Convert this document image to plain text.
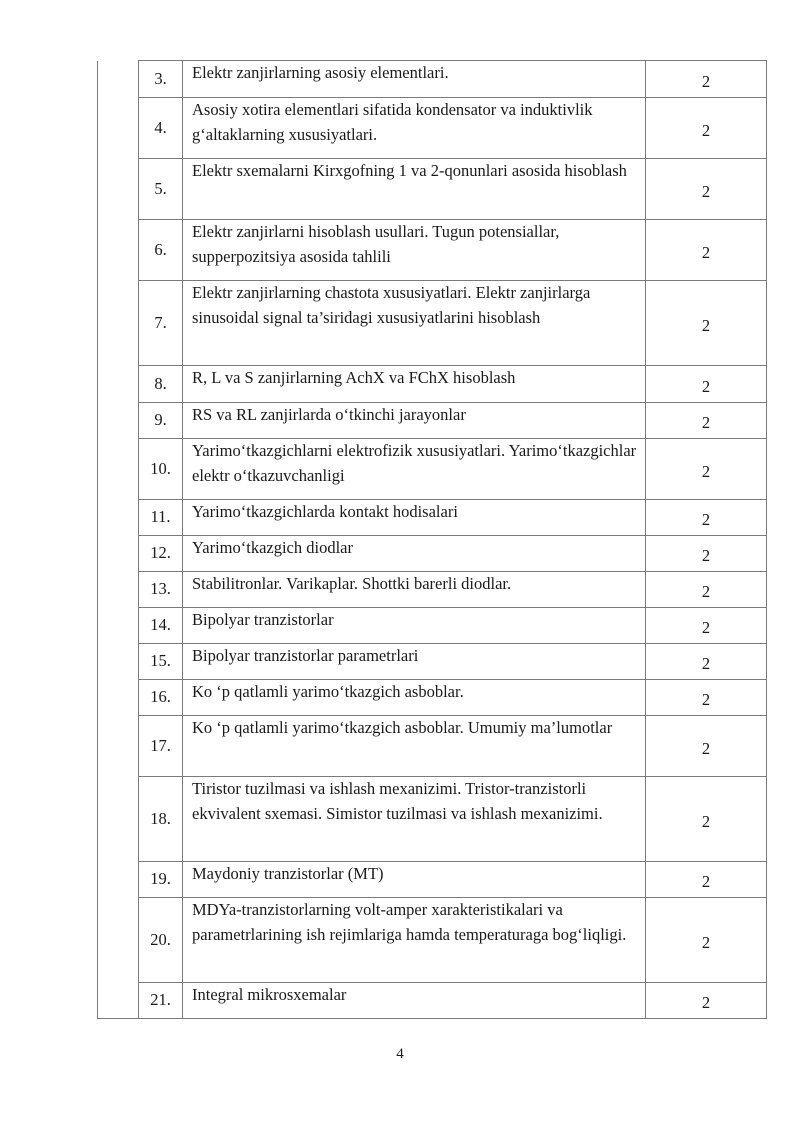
	3.	Elektr zanjirlarning asosiy elementlari.	2
	4.	Asosiy xotira elementlari sifatida kondensator va induktivlik g‘altaklarning xususiyatlari.	2
	5.	Elektr sxemalarni Kirxgofning 1 va 2-qonunlari asosida hisoblash	2
	6.	Elektr zanjirlarni hisoblash usullari. Tugun potensiallar, supperpozitsiya asosida tahlili	2
	7.	Elektr zanjirlarning chastota xususiyatlari. Elektr zanjirlarga sinusoidal signal ta’siridagi xususiyatlarini hisoblash	2
	8.	R, L va S zanjirlarning AchX va FChX hisoblash	2
	9.	RS va RL zanjirlarda o‘tkinchi jarayonlar	2
	10.	Yarimo‘tkazgichlarni elektrofizik xususiyatlari. Yarimo‘tkazgichlar elektr o‘tkazuvchanligi	2
	11.	Yarimo‘tkazgichlarda kontakt hodisalari	2
	12.	Yarimo‘tkazgich diodlar	2
	13.	Stabilitronlar. Varikaplar. Shottki barerli diodlar.	2
	14.	Bipolyar tranzistorlar	2
	15.	Bipolyar tranzistorlar parametrlari	2
	16.	Ko ‘p qatlamli yarimo‘tkazgich asboblar.	2
	17.	Ko ‘p qatlamli yarimo‘tkazgich asboblar. Umumiy ma’lumotlar	2
	18.	Tiristor tuzilmasi va ishlash mexanizimi. Tristor-tranzistorli ekvivalent sxemasi. Simistor tuzilmasi va ishlash mexanizimi.	2
	19.	Maydoniy tranzistorlar (MT)	2
	20.	MDYa-tranzistorlarning volt-amper xarakteristikalari va parametrlarining ish rejimlariga hamda temperaturaga bog‘liqligi.	2
	21.	Integral mikrosxemalar	2
4
